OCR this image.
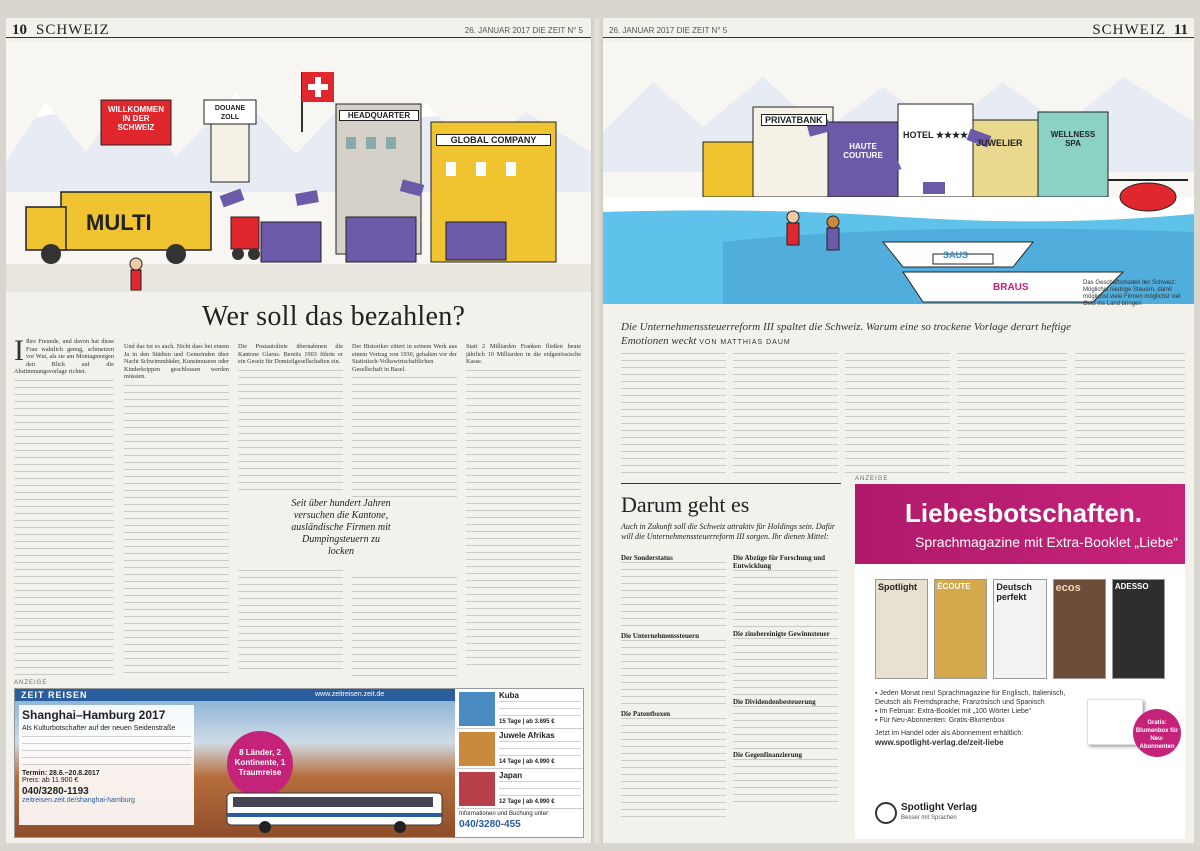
10 SCHWEIZ	26. JANUAR 2017 DIE ZEIT N° 5
WILLKOMMEN IN DER SCHWEIZ
DOUANE ZOLL	HEADQUARTER
GLOBAL COMPANY
MULTI
Wer soll das bezahlen?
I Ihre Freunde, und davon hat diese Frau wahrlich genug, schmetzen vor Wut, als sie am Montagmorgen den Blick auf die Abstimmungsvorlage richtet.
Und das tut es auch. Nicht dass bei einem Ja in den Städten und Gemeinden über Nacht Schwimmbäder, Kunstmuseen oder Kinderkrippen geschlossen werden müssten.
Die Postautolinie übernahmen die Kantone Glarus. Bereits 1903 führte er ein Gesetz für Domizilgesellschaften ein.
Seit über hundert Jahren versuchen die Kantone, ausländische Firmen mit Dumpingsteuern zu locken
Der Historiker zitiert in seinem Werk aus einem Vortrag von 1930, gehalten vor der Statistisch-Volkswirtschaftlichen Gesellschaft in Basel.
Statt 2 Milliarden Franken fließen heute jährlich 10 Milliarden in die eidgenössische Kasse.
ANZEIGE
ZEIT REISEN	www.zeitreisen.zeit.de
Shanghai–Hamburg 2017
Als Kulturbotschafter auf der neuen Seidenstraße
Termin: 28.6.–20.8.2017
Preis: ab 11.900 €
040/3280-1193
zeitreisen.zeit.de/shanghai-hamburg
8 Länder, 2 Kontinente, 1 Traumreise
Kuba
15 Tage | ab 3.695 €
Juwele Afrikas
14 Tage | ab 4.990 €
Japan
12 Tage | ab 4.990 €
Informationen und Buchung unter:
040/3280-455
26. JANUAR 2017 DIE ZEIT N° 5	SCHWEIZ 11
PRIVATBANK
HAUTE COUTURE
HOTEL ★★★★
JUWELIER
WELLNESS SPA
SAUS
BRAUS	Das Geschäftsmodell der Schweiz: Möglichst niedrige Steuern, damit möglichst viele Firmen möglichst viel Geld ins Land bringen
Die Unternehmenssteuerreform III spaltet die Schweiz. Warum eine so trockene Vorlage derart heftige Emotionen weckt VON MATTHIAS DAUM
Darum geht es
Auch in Zukunft soll die Schweiz attraktiv für Holdings sein. Dafür will die Unternehmenssteuerreform III sorgen. Ihr dienen Mittel:
Der Sonderstatus
Die Unternehmenssteuern
Die Patentboxen
Die Abzüge für Forschung und Entwicklung
Die zinsbereinigte Gewinnsteuer
Die Dividendenbesteuerung
Die Gegenfinanzierung
ANZEIGE
Liebesbotschaften.
Sprachmagazine mit Extra-Booklet „Liebe“
Spotlight	ÉCOUTE	Deutsch perfekt
ecos	ADESSO
▪ Jeden Monat neu! Sprachmagazine für Englisch, Italienisch, Deutsch als Fremdsprache, Französisch und Spanisch
▪ Im Februar: Extra-Booklet mit „100 Wörter Liebe“
▪ Für Neu-Abonnenten: Gratis-Blumenbox
Jetzt im Handel oder als Abonnement erhältlich:
www.spotlight-verlag.de/zeit-liebe
Gratis: Blumenbox für Neu-Abonnenten
Spotlight Verlag
Besser mit Sprachen
